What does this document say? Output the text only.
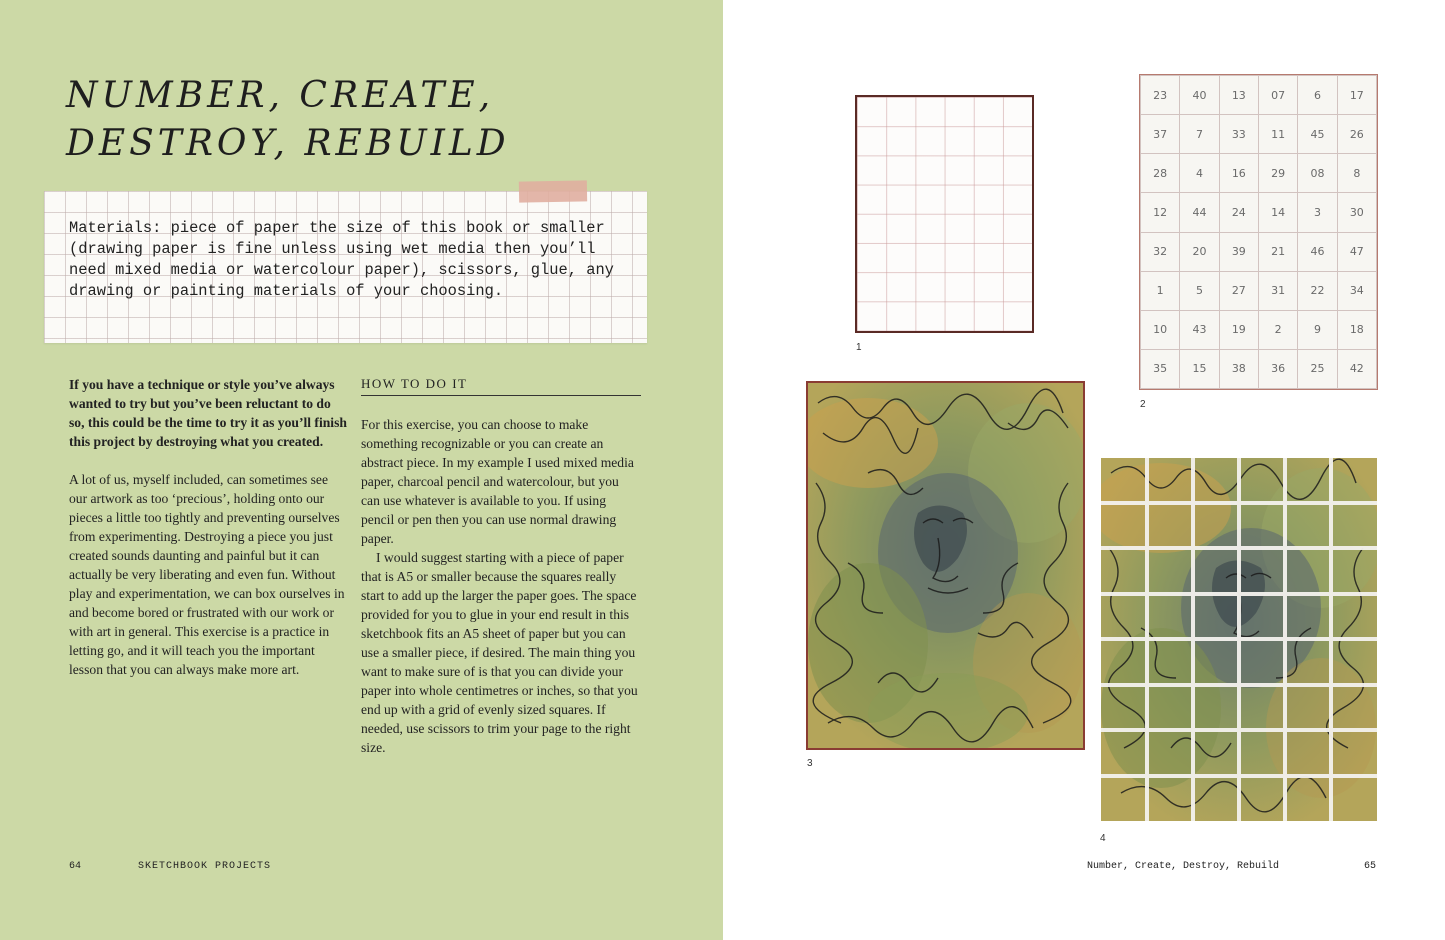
NUMBER, CREATE,
DESTROY, REBUILD

Materials: piece of paper the size of this book or smaller (drawing paper is fine unless using wet media then you’ll need mixed media or watercolour paper), scissors, glue, any drawing or painting materials of your choosing.

If you have a technique or style you’ve always wanted to try but you’ve been reluctant to do so, this could be the time to try it as you’ll finish this project by destroying what you created.

A lot of us, myself included, can sometimes see our artwork as too ‘precious’, holding onto our pieces a little too tightly and preventing ourselves from experimenting. Destroying a piece you just created sounds daunting and painful but it can actually be very liberating and even fun. Without play and experimentation, we can box ourselves in and become bored or frustrated with our work or with art in general. This exercise is a practice in letting go, and it will teach you the important lesson that you can always make more art.

HOW TO DO IT

For this exercise, you can choose to make something recognizable or you can create an abstract piece. In my example I used mixed media paper, charcoal pencil and watercolour, but you can use whatever is available to you. If using pencil or pen then you can use normal drawing paper.

I would suggest starting with a piece of paper that is A5 or smaller because the squares really start to add up the larger the paper goes. The space provided for you to glue in your end result in this sketchbook fits an A5 sheet of paper but you can use a smaller piece, if desired. The main thing you want to make sure of is that you can divide your paper into whole centimetres or inches, so that you end up with a grid of evenly sized squares. If needed, use scissors to trim your page to the right size.

64	SKETCHBOOK PROJECTS
1
23	40	13	07	6	17
37	7	33	11	45	26
28	4	16	29	08	8
12	44	24	14	3	30
32	20	39	21	46	47
1	5	27	31	22	34
10	43	19	2	9	18
35	15	38	36	25	42
2
3
4
Number, Create, Destroy, Rebuild	65
